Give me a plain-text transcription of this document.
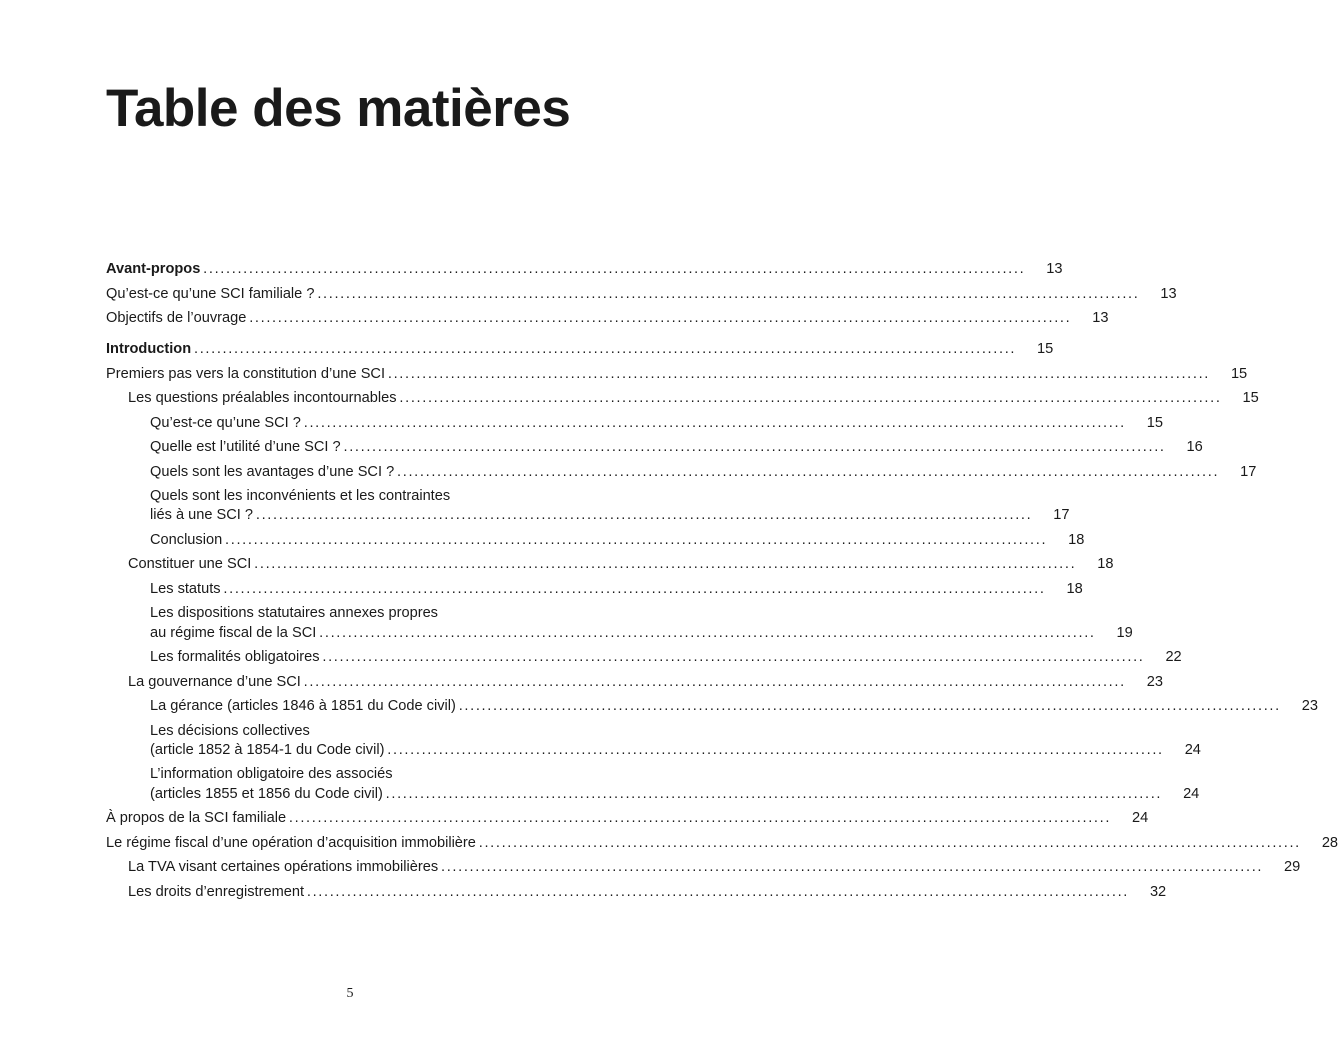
Table des matières
Avant-propos . . .	13
Qu’est-ce qu’une SCI familiale ? . . .	13
Objectifs de l’ouvrage . . .	13
Introduction . . .	15
Premiers pas vers la constitution d’une SCI . . .	15
Les questions préalables incontournables . . .	15
Qu’est-ce qu’une SCI ? . . .	15
Quelle est l’utilité d’une SCI ? . . .	16
Quels sont les avantages d’une SCI ? . . .	17
Quels sont les inconvénients et les contraintes
liés à une SCI ? . . .	17
Conclusion . . .	18
Constituer une SCI . . .	18
Les statuts . . .	18
Les dispositions statutaires annexes propres
au régime fiscal de la SCI . . .	19
Les formalités obligatoires . . .	22
La gouvernance d’une SCI . . .	23
La gérance (articles 1846 à 1851 du Code civil) . . .	23
Les décisions collectives
(article 1852 à 1854-1 du Code civil) . . .	24
L’information obligatoire des associés
(articles 1855 et 1856 du Code civil) . . .	24
À propos de la SCI familiale . . .	24
Le régime fiscal d’une opération d’acquisition immobilière . . .	28
La TVA visant certaines opérations immobilières . . .	29
Les droits d’enregistrement . . .	32
5
